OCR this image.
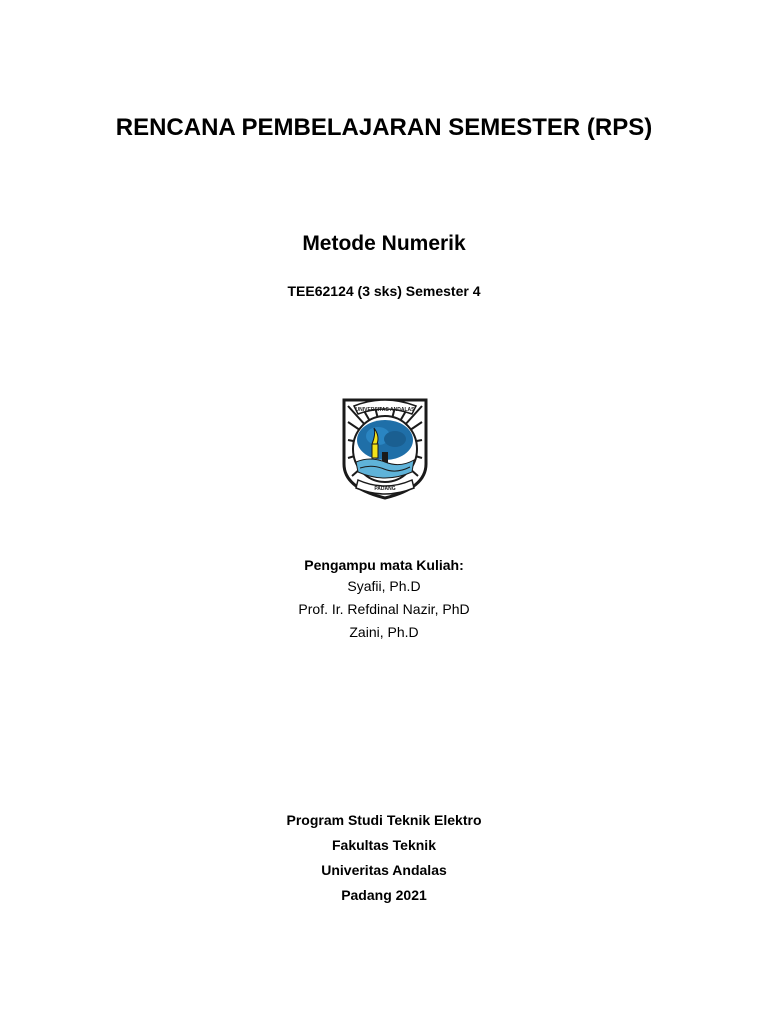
RENCANA PEMBELAJARAN SEMESTER (RPS)
Metode Numerik
TEE62124 (3 sks) Semester 4
UNIVERSITAS ANDALAS
PADANG
Pengampu mata Kuliah:
Syafii, Ph.D
Prof. Ir. Refdinal Nazir, PhD
Zaini, Ph.D
Program Studi Teknik Elektro
Fakultas Teknik
Univeritas Andalas
Padang 2021
